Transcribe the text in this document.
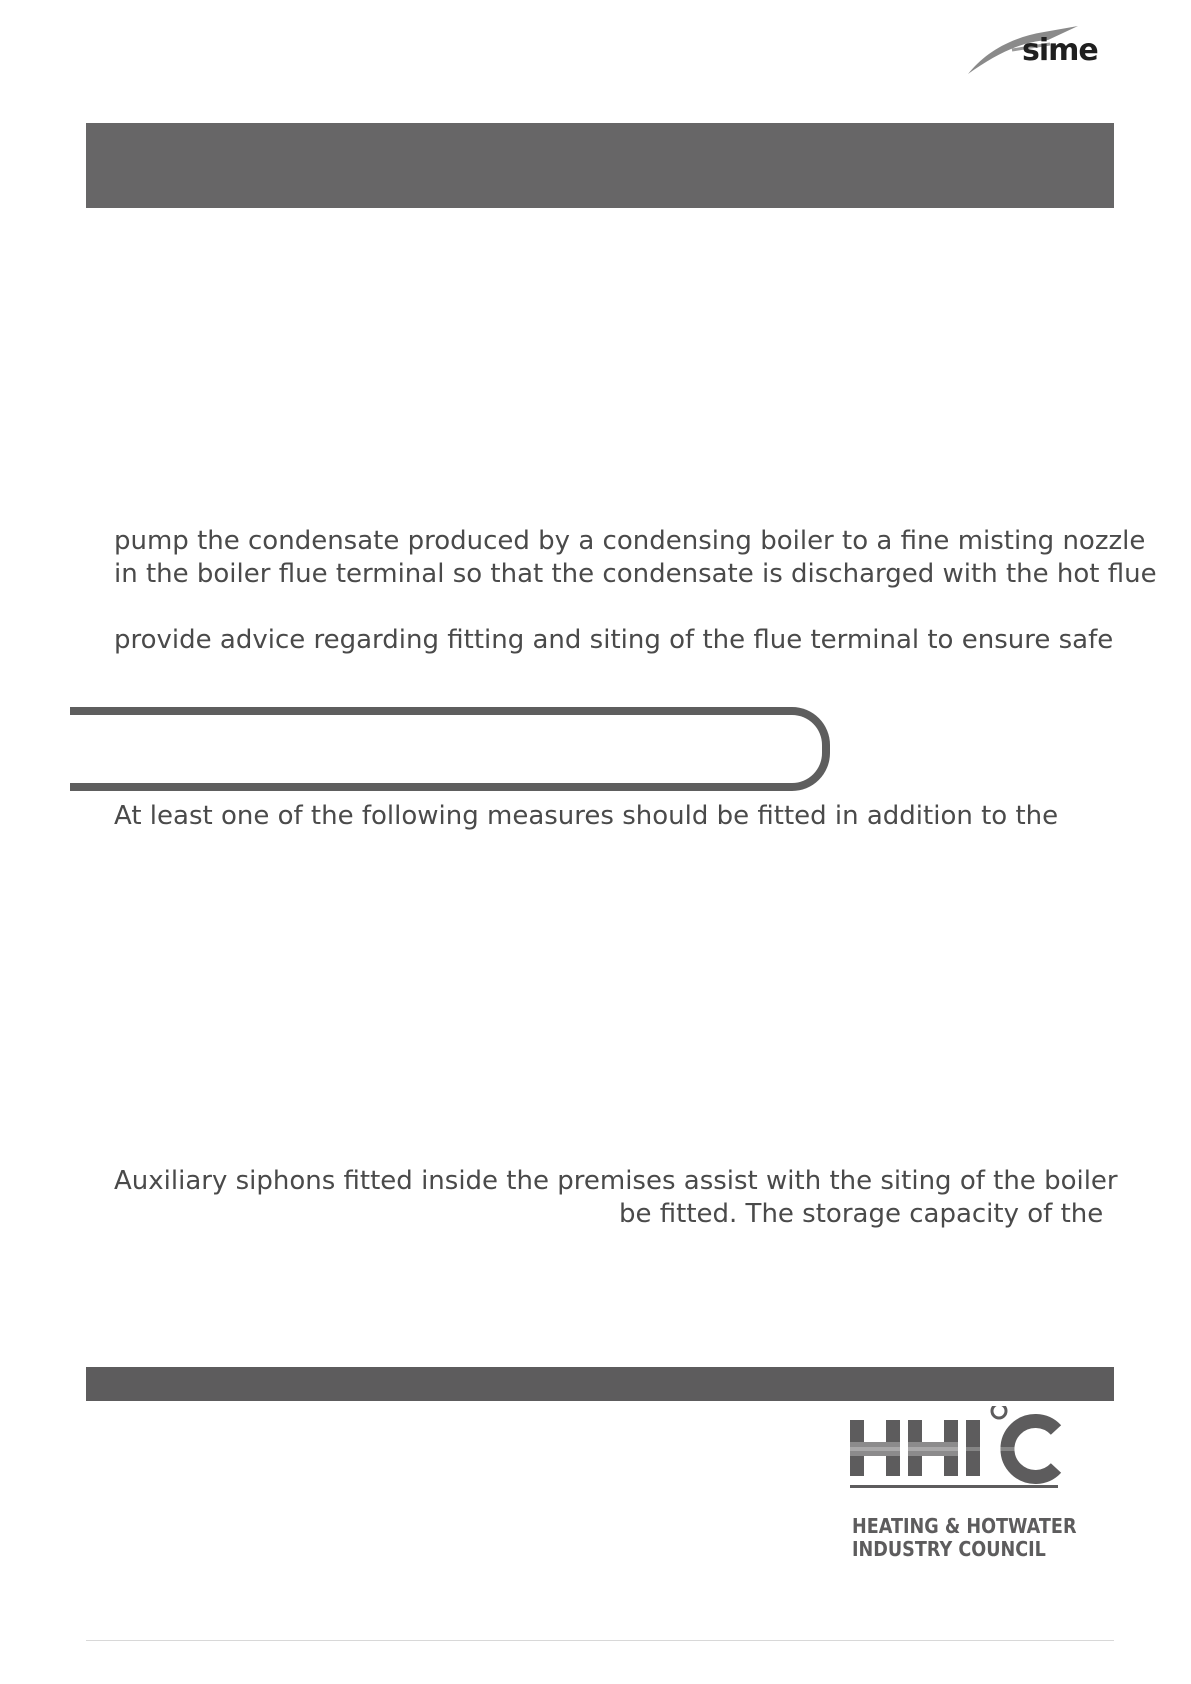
sime

pump the condensate produced by a condensing boiler to a fine misting nozzle
in the boiler flue terminal so that the condensate is discharged with the hot flue

provide advice regarding fitting and siting of the flue terminal to ensure safe

At least one of the following measures should be fitted in addition to the

Auxiliary siphons fitted inside the premises assist with the siting of the boiler
be fitted. The storage capacity of the

HEATING & HOTWATER
INDUSTRY COUNCIL
